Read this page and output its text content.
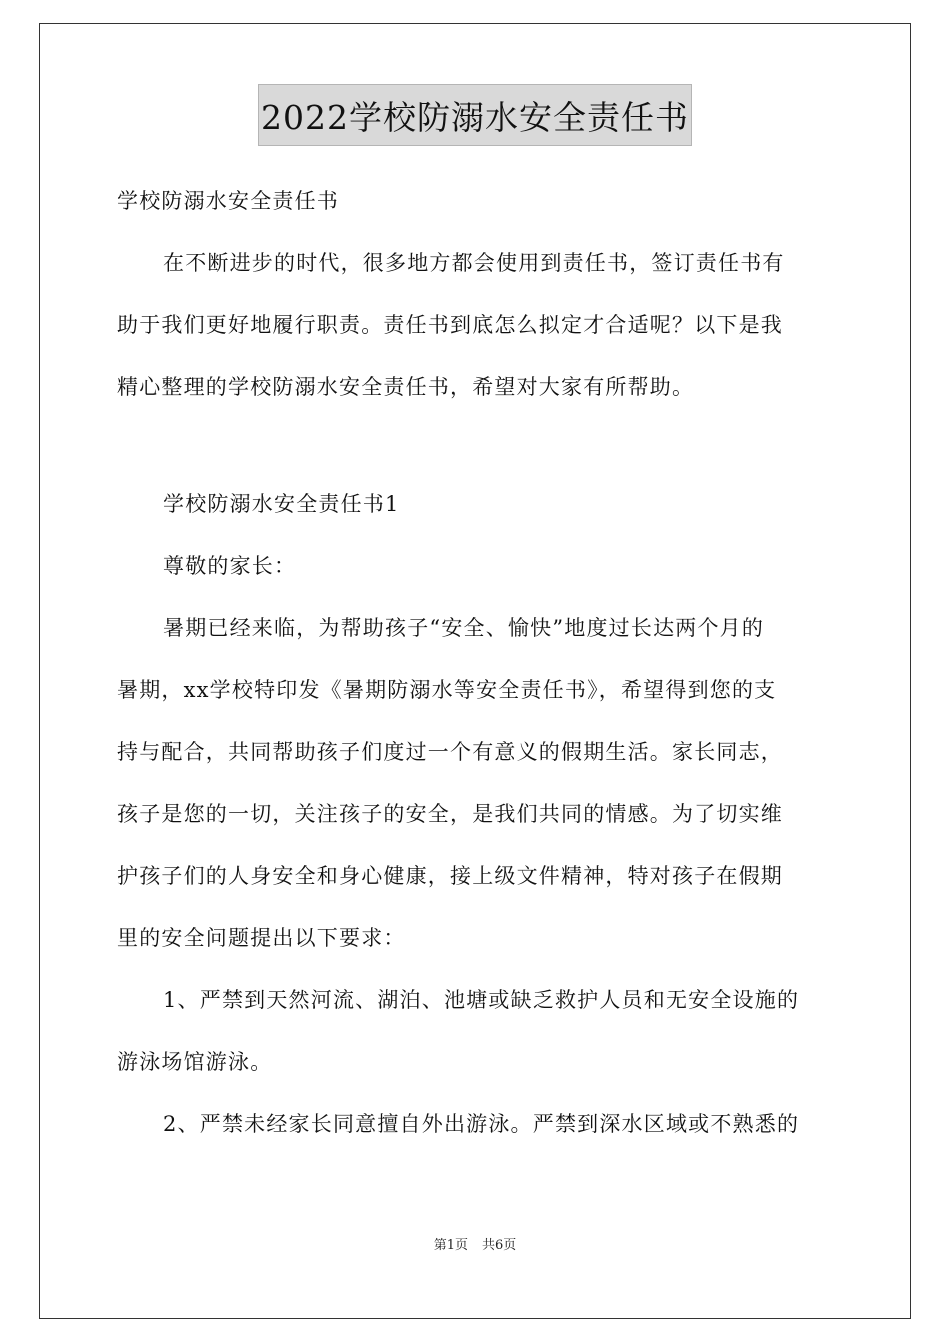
2022学校防溺水安全责任书

学校防溺水安全责任书

在不断进步的时代，很多地方都会使用到责任书，签订责任书有

助于我们更好地履行职责。责任书到底怎么拟定才合适呢？以下是我

精心整理的学校防溺水安全责任书，希望对大家有所帮助。

学校防溺水安全责任书1

尊敬的家长：

暑期已经来临，为帮助孩子“安全、愉快”地度过长达两个月的

暑期，xx学校特印发《暑期防溺水等安全责任书》，希望得到您的支

持与配合，共同帮助孩子们度过一个有意义的假期生活。家长同志，

孩子是您的一切，关注孩子的安全，是我们共同的情感。为了切实维

护孩子们的人身安全和身心健康，接上级文件精神，特对孩子在假期

里的安全问题提出以下要求：

1、严禁到天然河流、湖泊、池塘或缺乏救护人员和无安全设施的

游泳场馆游泳。

2、严禁未经家长同意擅自外出游泳。严禁到深水区域或不熟悉的

第1页 共6页
